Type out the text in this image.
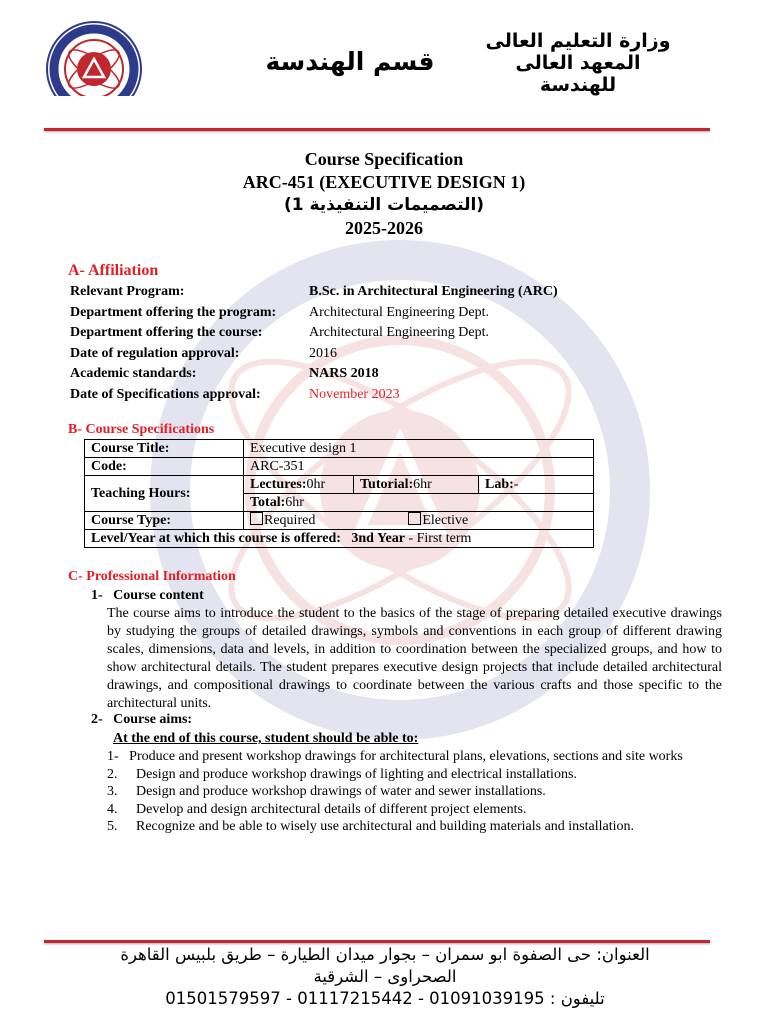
قسم الهندسة
وزارة التعليم العالى
المعهد العالى
للهندسة
Course Specification
ARC-451 (EXECUTIVE DESIGN 1)
(التصميمات التنفيذية 1)
2025-2026
A- Affiliation
Relevant Program:	B.Sc. in Architectural Engineering (ARC)
Department offering the program:	Architectural Engineering Dept.
Department offering the course:	Architectural Engineering Dept.
Date of regulation approval:	2016
Academic standards:	NARS 2018
Date of Specifications approval:	November 2023
B- Course Specifications
Course Title:	Executive design 1		
Code:	ARC-351		
Teaching Hours:	Lectures:0hr	Tutorial:6hr	Lab:-
	Total:6hr		
Course Type:	Required Elective		
Level/Year at which this course is offered: 3nd Year - First term			
C- Professional Information
1-   Course content
The course aims to introduce the student to the basics of the stage of preparing detailed executive drawings by studying the groups of detailed drawings, symbols and conventions in each group of different drawing scales, dimensions, data and levels, in addition to coordination between the specialized groups, and how to show architectural details. The student prepares executive design projects that include detailed architectural drawings, and compositional drawings to coordinate between the various crafts and those specific to the architectural units.
2-   Course aims:
At the end of this course, student should be able to:
1-   Produce and present workshop drawings for architectural plans, elevations, sections and site works
2.	Design and produce workshop drawings of lighting and electrical installations.
3.	Design and produce workshop drawings of water and sewer installations.
4.	Develop and design architectural details of different project elements.
5.	Recognize and be able to wisely use architectural and building materials and installation.
العنوان: حى الصفوة ابو سمران – بجوار ميدان الطيارة – طريق بلبيس القاهرة
الصحراوى – الشرقية
تليفون : 01091039195 - 01117215442 - 01501579597
